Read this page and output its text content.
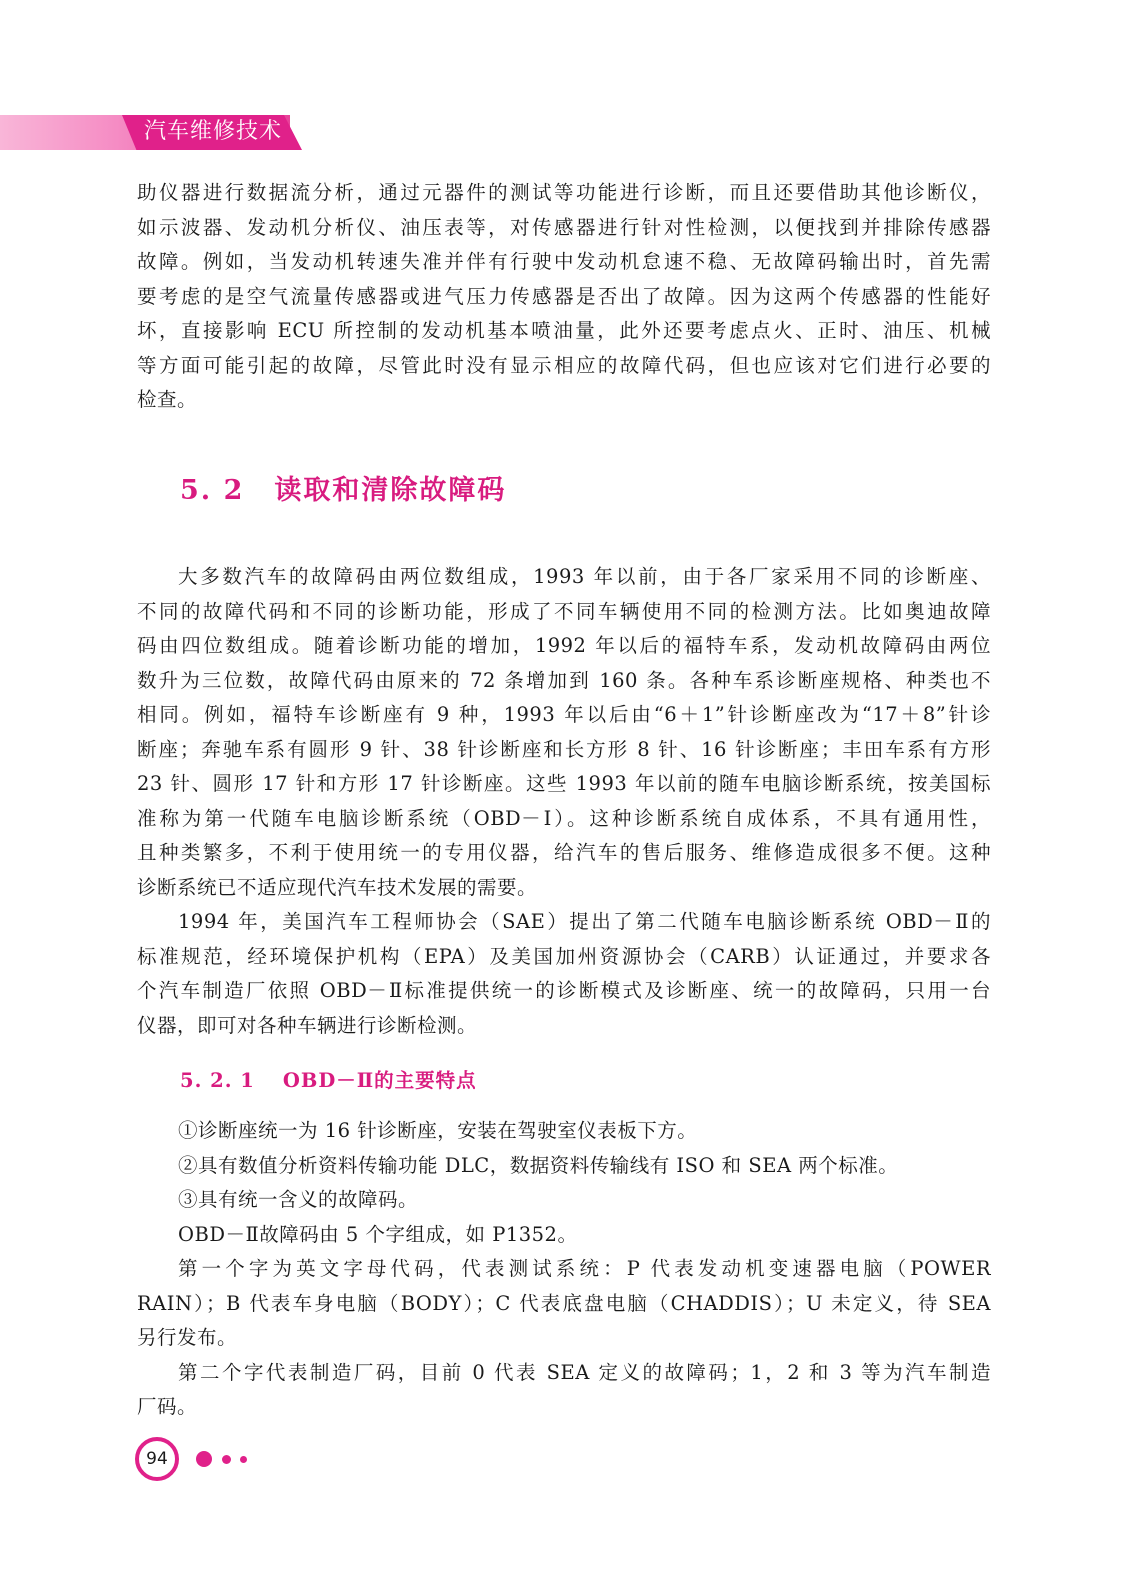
汽车维修技术
助仪器进行数据流分析，通过元器件的测试等功能进行诊断，而且还要借助其他诊断仪，
如示波器、发动机分析仪、油压表等，对传感器进行针对性检测，以便找到并排除传感器
故障。例如，当发动机转速失准并伴有行驶中发动机怠速不稳、无故障码输出时，首先需
要考虑的是空气流量传感器或进气压力传感器是否出了故障。因为这两个传感器的性能好
坏，直接影响 ECU 所控制的发动机基本喷油量，此外还要考虑点火、正时、油压、机械
等方面可能引起的故障，尽管此时没有显示相应的故障代码，但也应该对它们进行必要的
检查。
5. 2 读取和清除故障码
大多数汽车的故障码由两位数组成，1993 年以前，由于各厂家采用不同的诊断座、
不同的故障代码和不同的诊断功能，形成了不同车辆使用不同的检测方法。比如奥迪故障
码由四位数组成。随着诊断功能的增加，1992 年以后的福特车系，发动机故障码由两位
数升为三位数，故障代码由原来的 72 条增加到 160 条。各种车系诊断座规格、种类也不
相同。例如，福特车诊断座有 9 种，1993 年以后由“6＋1”针诊断座改为“17＋8”针诊
断座；奔驰车系有圆形 9 针、38 针诊断座和长方形 8 针、16 针诊断座；丰田车系有方形
23 针、圆形 17 针和方形 17 针诊断座。这些 1993 年以前的随车电脑诊断系统，按美国标
准称为第一代随车电脑诊断系统（OBD－Ⅰ）。这种诊断系统自成体系，不具有通用性，
且种类繁多，不利于使用统一的专用仪器，给汽车的售后服务、维修造成很多不便。这种
诊断系统已不适应现代汽车技术发展的需要。
1994 年，美国汽车工程师协会（SAE）提出了第二代随车电脑诊断系统 OBD－Ⅱ的
标准规范，经环境保护机构（EPA）及美国加州资源协会（CARB）认证通过，并要求各
个汽车制造厂依照 OBD－Ⅱ标准提供统一的诊断模式及诊断座、统一的故障码，只用一台
仪器，即可对各种车辆进行诊断检测。
5. 2. 1 OBD－Ⅱ的主要特点
①诊断座统一为 16 针诊断座，安装在驾驶室仪表板下方。
②具有数值分析资料传输功能 DLC，数据资料传输线有 ISO 和 SEA 两个标准。
③具有统一含义的故障码。
OBD－Ⅱ故障码由 5 个字组成，如 P1352。
第一个字为英文字母代码，代表测试系统：P 代表发动机变速器电脑（POWER
RAIN）；B 代表车身电脑（BODY）；C 代表底盘电脑（CHADDIS）；U 未定义，待 SEA
另行发布。
第二个字代表制造厂码，目前 0 代表 SEA 定义的故障码；1，2 和 3 等为汽车制造
厂码。
94
